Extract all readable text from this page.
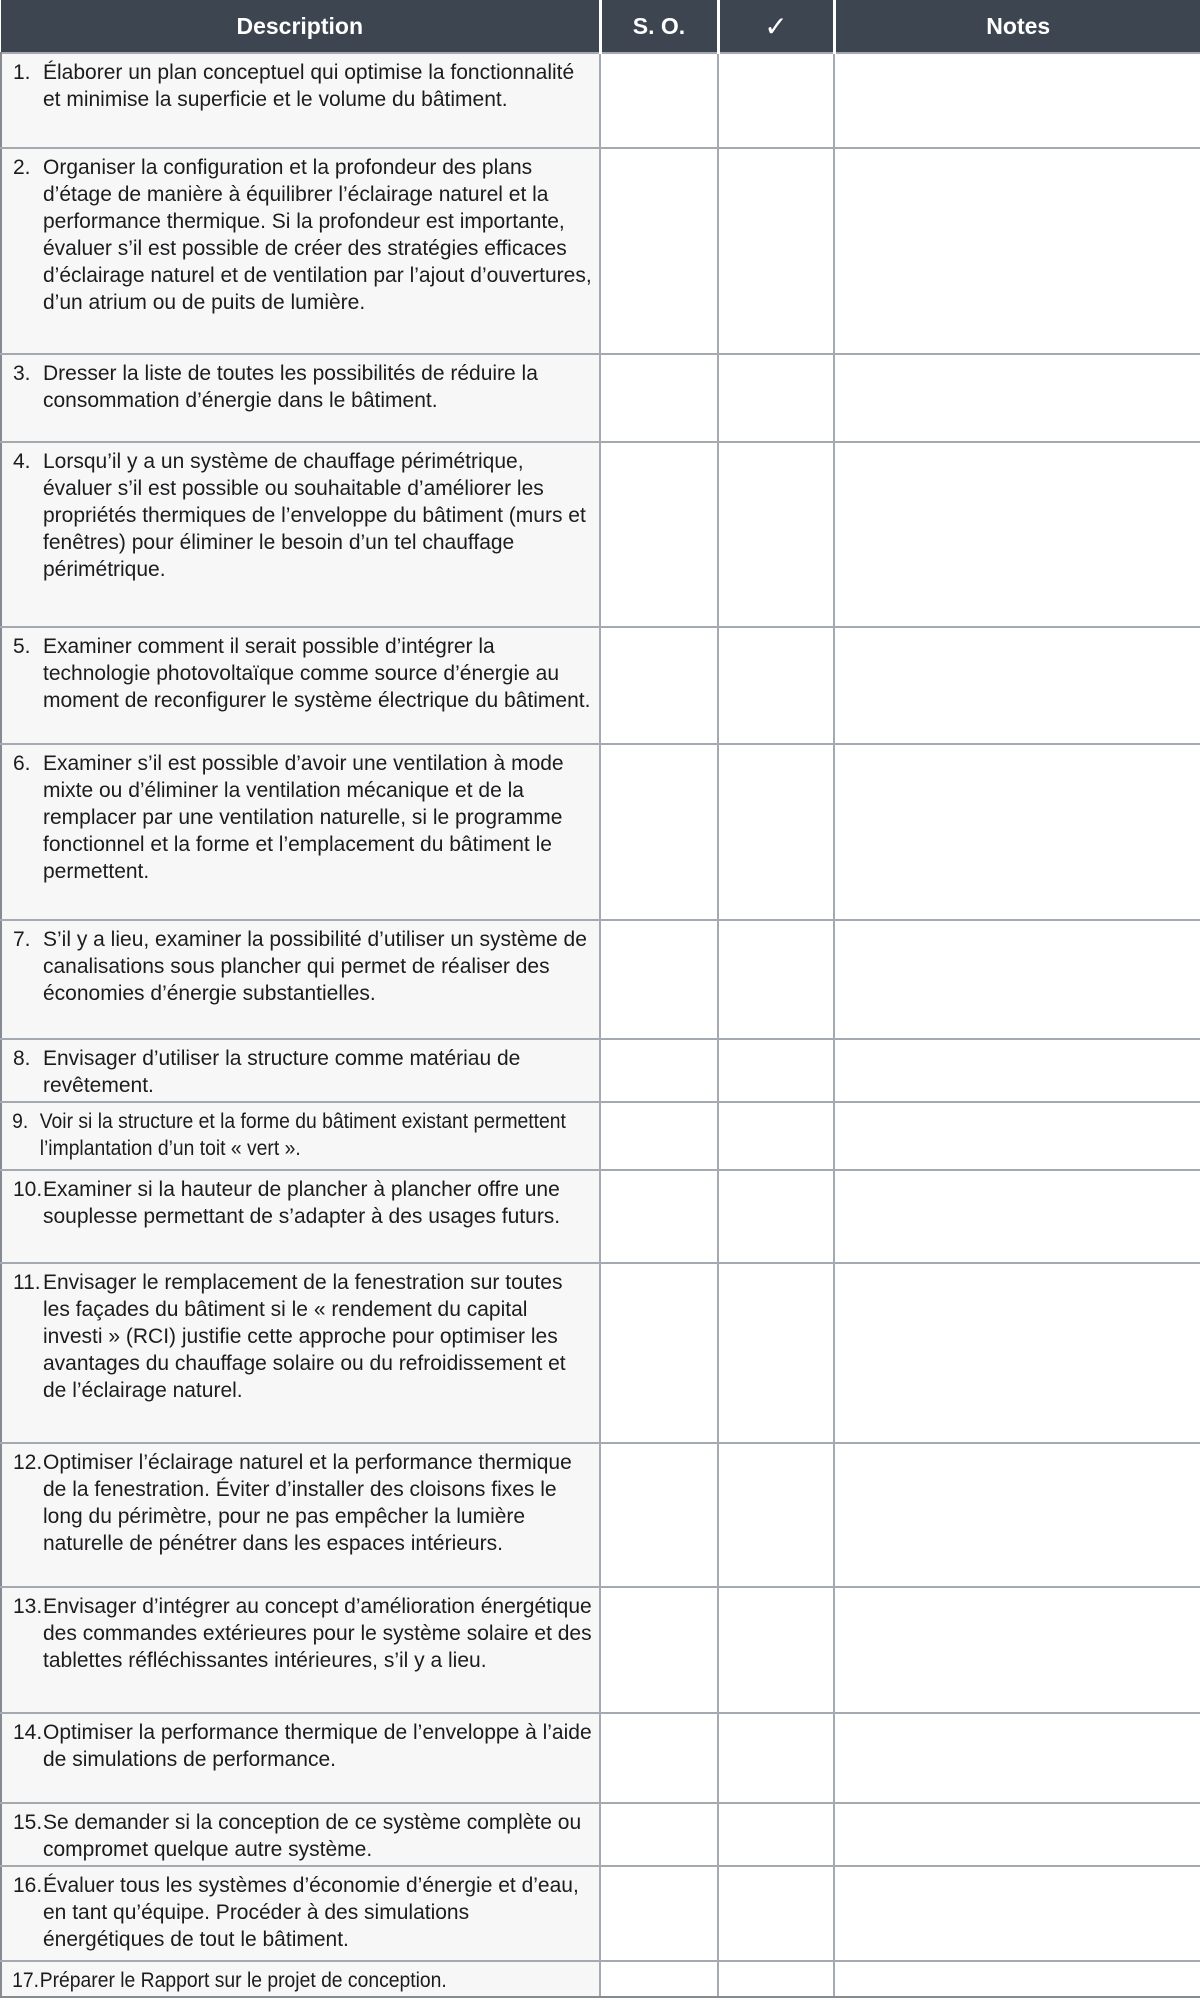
Description	S. O.	✓	Notes

1. Élaborer un plan conceptuel qui optimise la fonctionnalité et minimise la superficie et le volume du bâtiment.			

2. Organiser la configuration et la profondeur des plans d’étage de manière à équilibrer l’éclairage naturel et la performance thermique. Si la profondeur est importante, évaluer s’il est possible de créer des stratégies efficaces d’éclairage naturel et de ventilation par l’ajout d’ouvertures, d’un atrium ou de puits de lumière.			

3. Dresser la liste de toutes les possibilités de réduire la consommation d’énergie dans le bâtiment.			

4. Lorsqu’il y a un système de chauffage périmétrique, évaluer s’il est possible ou souhaitable d’améliorer les propriétés thermiques de l’enveloppe du bâtiment (murs et fenêtres) pour éliminer le besoin d’un tel chauffage périmétrique.			

5. Examiner comment il serait possible d’intégrer la technologie photovoltaïque comme source d’énergie au moment de reconfigurer le système électrique du bâtiment.			

6. Examiner s’il est possible d’avoir une ventilation à mode mixte ou d’éliminer la ventilation mécanique et de la remplacer par une ventilation naturelle, si le programme fonctionnel et la forme et l’emplacement du bâtiment le permettent.			

7. S’il y a lieu, examiner la possibilité d’utiliser un système de canalisations sous plancher qui permet de réaliser des économies d’énergie substantielles.			

8. Envisager d’utiliser la structure comme matériau de revêtement.			

9. Voir si la structure et la forme du bâtiment existant permettent l’implantation d’un toit « vert ».			

10. Examiner si la hauteur de plancher à plancher offre une souplesse permettant de s’adapter à des usages futurs.			

11. Envisager le remplacement de la fenestration sur toutes les façades du bâtiment si le « rendement du capital investi » (RCI) justifie cette approche pour optimiser les avantages du chauffage solaire ou du refroidissement et de l’éclairage naturel.			

12. Optimiser l’éclairage naturel et la performance thermique de la fenestration. Éviter d’installer des cloisons fixes le long du périmètre, pour ne pas empêcher la lumière naturelle de pénétrer dans les espaces intérieurs.			

13. Envisager d’intégrer au concept d’amélioration énergétique des commandes extérieures pour le système solaire et des tablettes réfléchissantes intérieures, s’il y a lieu.			

14. Optimiser la performance thermique de l’enveloppe à l’aide de simulations de performance.			

15. Se demander si la conception de ce système complète ou compromet quelque autre système.			

16. Évaluer tous les systèmes d’économie d’énergie et d’eau, en tant qu’équipe. Procéder à des simulations énergétiques de tout le bâtiment.			

17. Préparer le Rapport sur le projet de conception.			
